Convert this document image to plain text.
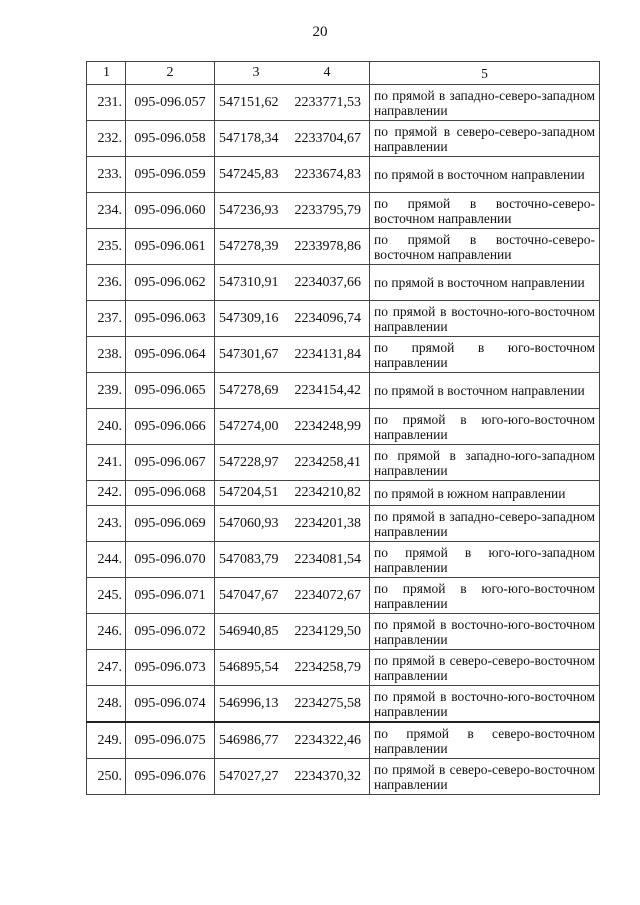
20
1	2	3 4	5
231.	095-096.057	547151,62 2233771,53	по прямой в западно-северо-западном направлении
232.	095-096.058	547178,34 2233704,67	по прямой в северо-северо-западном направлении
233.	095-096.059	547245,83 2233674,83	по прямой в восточном направлении
234.	095-096.060	547236,93 2233795,79	по прямой в восточно-северо-восточном направлении
235.	095-096.061	547278,39 2233978,86	по прямой в восточно-северо-восточном направлении
236.	095-096.062	547310,91 2234037,66	по прямой в восточном направлении
237.	095-096.063	547309,16 2234096,74	по прямой в восточно-юго-восточном направлении
238.	095-096.064	547301,67 2234131,84	по прямой в юго-восточном направлении
239.	095-096.065	547278,69 2234154,42	по прямой в восточном направлении
240.	095-096.066	547274,00 2234248,99	по прямой в юго-юго-восточном направлении
241.	095-096.067	547228,97 2234258,41	по прямой в западно-юго-западном направлении
242.	095-096.068	547204,51 2234210,82	по прямой в южном направлении
243.	095-096.069	547060,93 2234201,38	по прямой в западно-северо-западном направлении
244.	095-096.070	547083,79 2234081,54	по прямой в юго-юго-западном направлении
245.	095-096.071	547047,67 2234072,67	по прямой в юго-юго-восточном направлении
246.	095-096.072	546940,85 2234129,50	по прямой в восточно-юго-восточном направлении
247.	095-096.073	546895,54 2234258,79	по прямой в северо-северо-восточном направлении
248.	095-096.074	546996,13 2234275,58	по прямой в восточно-юго-восточном направлении
249.	095-096.075	546986,77 2234322,46	по прямой в северо-восточном направлении
250.	095-096.076	547027,27 2234370,32	по прямой в северо-северо-восточном направлении
